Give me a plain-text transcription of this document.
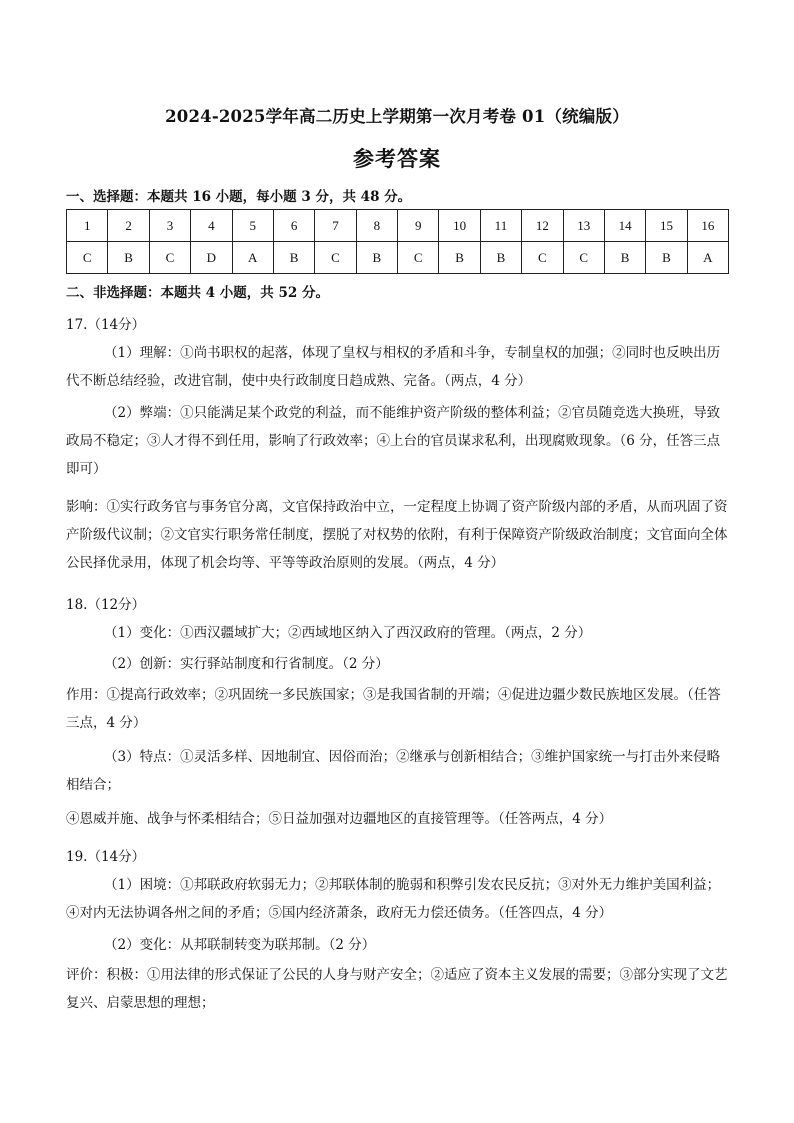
2024-2025学年高二历史上学期第一次月考卷 01（统编版）
参考答案
一、选择题：本题共 16 小题，每小题 3 分，共 48 分。
1	2	3	4	5	6	7	8	9	10	11	12	13	14	15	16
C	B	C	D	A	B	C	B	C	B	B	C	C	B	B	A
二、非选择题：本题共 4 小题，共 52 分。
17.（14分）
（1）理解：①尚书职权的起落，体现了皇权与相权的矛盾和斗争，专制皇权的加强；②同时也反映出历代不断总结经验，改进官制，使中央行政制度日趋成熟、完备。（两点，4 分）
（2）弊端：①只能满足某个政党的利益，而不能维护资产阶级的整体利益；②官员随竞选大换班，导致政局不稳定；③人才得不到任用，影响了行政效率；④上台的官员谋求私利，出现腐败现象。（6 分，任答三点即可）
影响：①实行政务官与事务官分离，文官保持政治中立，一定程度上协调了资产阶级内部的矛盾，从而巩固了资产阶级代议制；②文官实行职务常任制度，摆脱了对权势的依附，有利于保障资产阶级政治制度；文官面向全体公民择优录用，体现了机会均等、平等等政治原则的发展。（两点，4 分）
18.（12分）
（1）变化：①西汉疆域扩大；②西域地区纳入了西汉政府的管理。（两点，2 分）
（2）创新：实行驿站制度和行省制度。（2 分）
作用：①提高行政效率；②巩固统一多民族国家；③是我国省制的开端；④促进边疆少数民族地区发展。（任答三点，4 分）
（3）特点：①灵活多样、因地制宜、因俗而治；②继承与创新相结合；③维护国家统一与打击外来侵略相结合；
④恩威并施、战争与怀柔相结合；⑤日益加强对边疆地区的直接管理等。（任答两点，4 分）
19.（14分）
（1）困境：①邦联政府软弱无力；②邦联体制的脆弱和积弊引发农民反抗；③对外无力维护美国利益；④对内无法协调各州之间的矛盾；⑤国内经济萧条，政府无力偿还债务。（任答四点，4 分）
（2）变化：从邦联制转变为联邦制。（2 分）
评价：积极：①用法律的形式保证了公民的人身与财产安全；②适应了资本主义发展的需要；③部分实现了文艺复兴、启蒙思想的理想；
